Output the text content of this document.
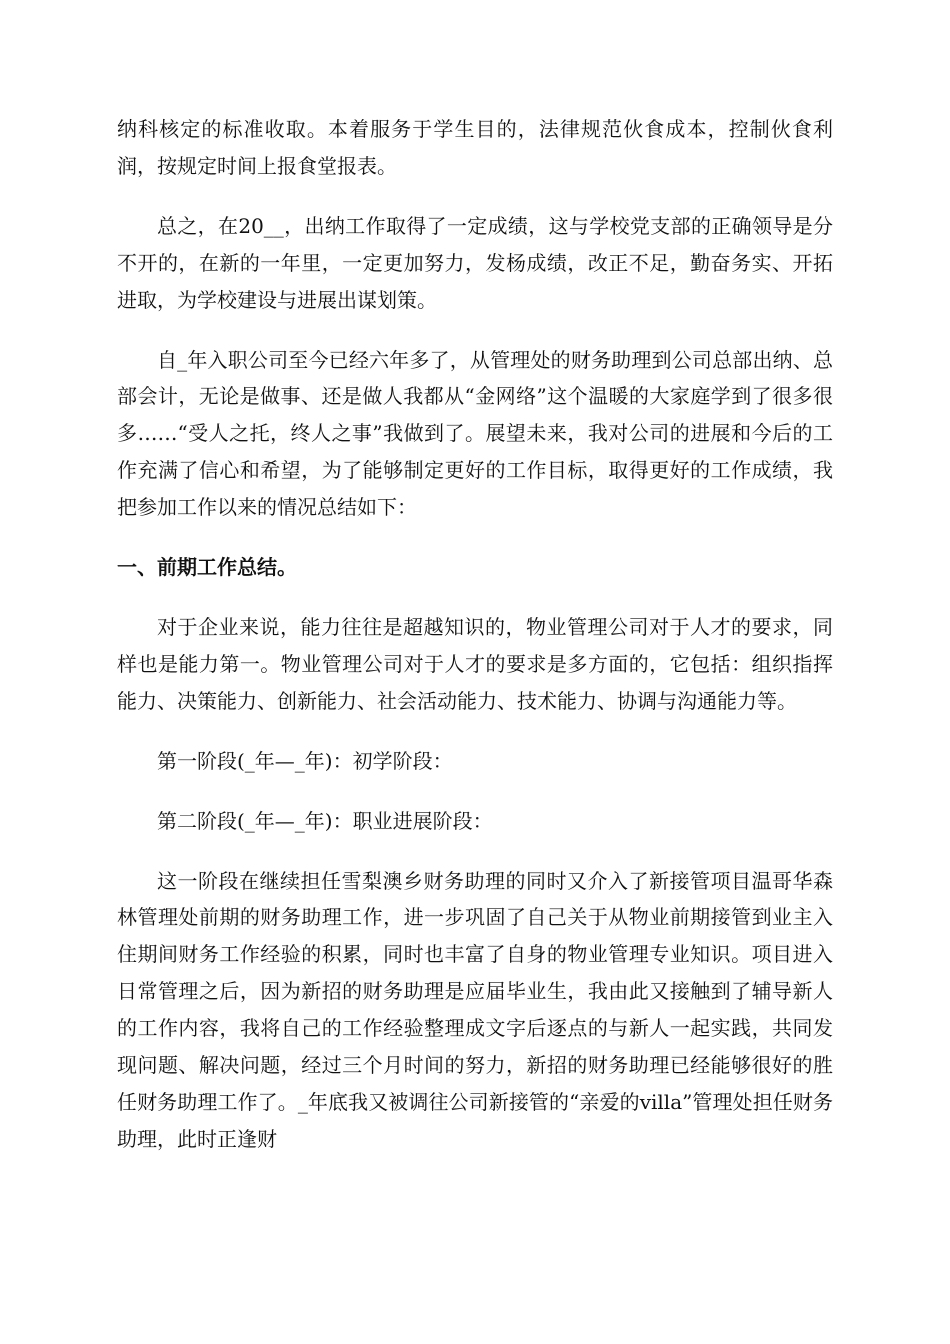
纳科核定的标准收取。本着服务于学生目的，法律规范伙食成本，控制伙食利润，按规定时间上报食堂报表。

总之，在20__，出纳工作取得了一定成绩，这与学校党支部的正确领导是分不开的，在新的一年里，一定更加努力，发杨成绩，改正不足，勤奋务实、开拓进取，为学校建设与进展出谋划策。

自_年入职公司至今已经六年多了，从管理处的财务助理到公司总部出纳、总部会计，无论是做事、还是做人我都从“金网络”这个温暖的大家庭学到了很多很多……“受人之托，终人之事”我做到了。展望未来，我对公司的进展和今后的工作充满了信心和希望，为了能够制定更好的工作目标，取得更好的工作成绩，我把参加工作以来的情况总结如下：

一、前期工作总结。

对于企业来说，能力往往是超越知识的，物业管理公司对于人才的要求，同样也是能力第一。物业管理公司对于人才的要求是多方面的，它包括：组织指挥能力、决策能力、创新能力、社会活动能力、技术能力、协调与沟通能力等。

第一阶段(_年—_年)：初学阶段：

第二阶段(_年—_年)：职业进展阶段：

这一阶段在继续担任雪梨澳乡财务助理的同时又介入了新接管项目温哥华森林管理处前期的财务助理工作，进一步巩固了自己关于从物业前期接管到业主入住期间财务工作经验的积累，同时也丰富了自身的物业管理专业知识。项目进入日常管理之后，因为新招的财务助理是应届毕业生，我由此又接触到了辅导新人的工作内容，我将自己的工作经验整理成文字后逐点的与新人一起实践，共同发现问题、解决问题，经过三个月时间的努力，新招的财务助理已经能够很好的胜任财务助理工作了。_年底我又被调往公司新接管的“亲爱的villa”管理处担任财务助理，此时正逢财
